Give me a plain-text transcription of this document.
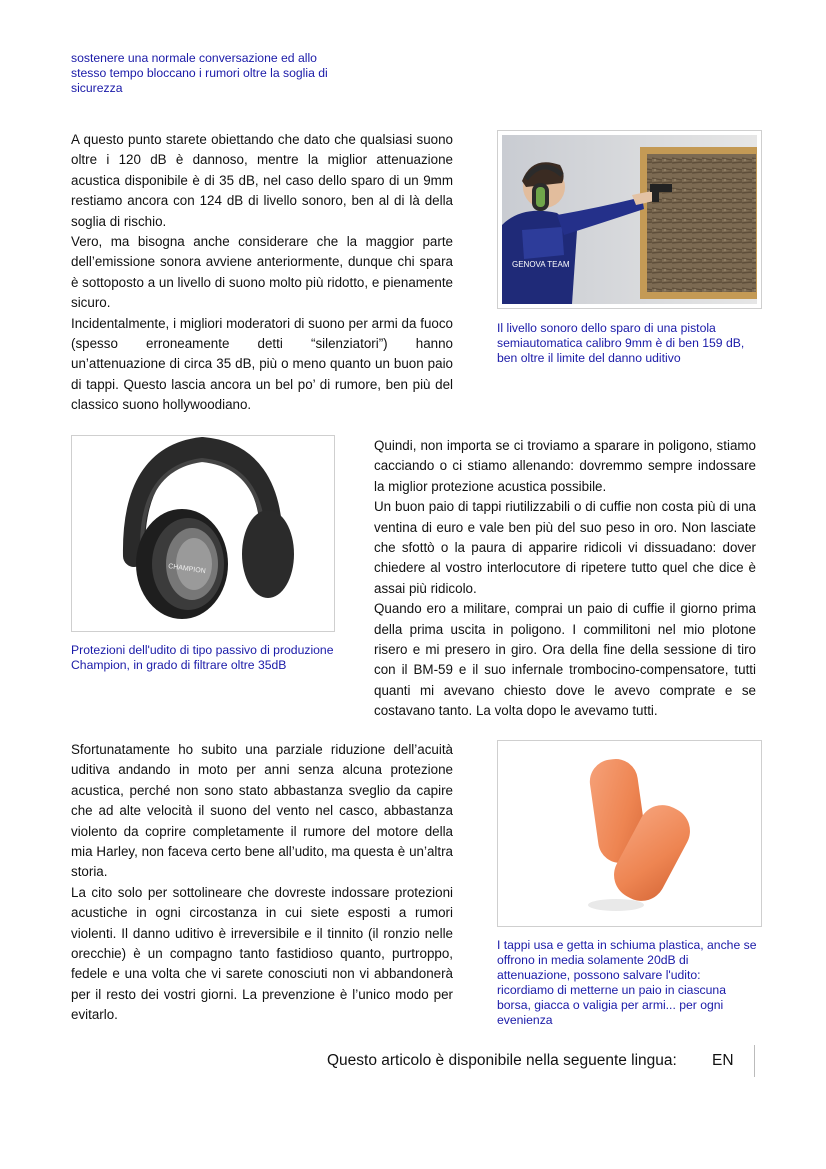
sostenere una normale conversazione ed allo stesso tempo bloccano i rumori oltre la soglia di sicurezza

A questo punto starete obiettando che dato che qualsiasi suono oltre i 120 dB è dannoso, mentre la miglior attenuazione acustica disponibile è di 35 dB, nel caso dello sparo di un 9mm restiamo ancora con 124 dB di livello sonoro, ben al di là della soglia di rischio.

Vero, ma bisogna anche considerare che la maggior parte dell’emissione sonora avviene anteriormente, dunque chi spara è sottoposto a un livello di suono molto più ridotto, e pienamente sicuro.

Incidentalmente, i migliori moderatori di suono per armi da fuoco (spesso erroneamente detti “silenziatori”) hanno un’attenuazione di circa 35 dB, più o meno quanto un buon paio di tappi. Questo lascia ancora un bel po’ di rumore, ben più del classico suono hollywoodiano.

GENOVA TEAM
Il livello sonoro dello sparo di una pistola semiautomatica calibro 9mm è di ben 159 dB, ben oltre il limite del danno uditivo
CHAMPION
Protezioni dell'udito di tipo passivo di produzione Champion, in grado di filtrare oltre 35dB

Quindi, non importa se ci troviamo a sparare in poligono, stiamo cacciando o ci stiamo allenando: dovremmo sempre indossare la miglior protezione acustica possibile.

Un buon paio di tappi riutilizzabili o di cuffie non costa più di una ventina di euro e vale ben più del suo peso in oro. Non lasciate che sfottò o la paura di apparire ridicoli vi dissuadano: dover chiedere al vostro interlocutore di ripetere tutto quel che dice è assai più ridicolo.

Quando ero a militare, comprai un paio di cuffie il giorno prima della prima uscita in poligono. I commilitoni nel mio plotone risero e mi presero in giro. Ora della fine della sessione di tiro con il BM-59 e il suo infernale trombocino-compensatore, tutti quanti mi avevano chiesto dove le avevo comprate e se costavano tanto. La volta dopo le avevamo tutti.

Sfortunatamente ho subito una parziale riduzione dell’acuità uditiva andando in moto per anni senza alcuna protezione acustica, perché non sono stato abbastanza sveglio da capire che ad alte velocità il suono del vento nel casco, abbastanza violento da coprire completamente il rumore del motore della mia Harley, non faceva certo bene all’udito, ma questa è un’altra storia.

La cito solo per sottolineare che dovreste indossare protezioni acustiche in ogni circostanza in cui siete esposti a rumori violenti. Il danno uditivo è irreversibile e il tinnito (il ronzio nelle orecchie) è un compagno tanto fastidioso quanto, purtroppo, fedele e una volta che vi sarete conosciuti non vi abbandonerà per il resto dei vostri giorni. La prevenzione è l’unico modo per evitarlo.

I tappi usa e getta in schiuma plastica, anche se offrono in media solamente 20dB di attenuazione, possono salvare l'udito: ricordiamo di metterne un paio in ciascuna borsa, giacca o valigia per armi... per ogni evenienza
Questo articolo è disponibile nella seguente lingua: EN
